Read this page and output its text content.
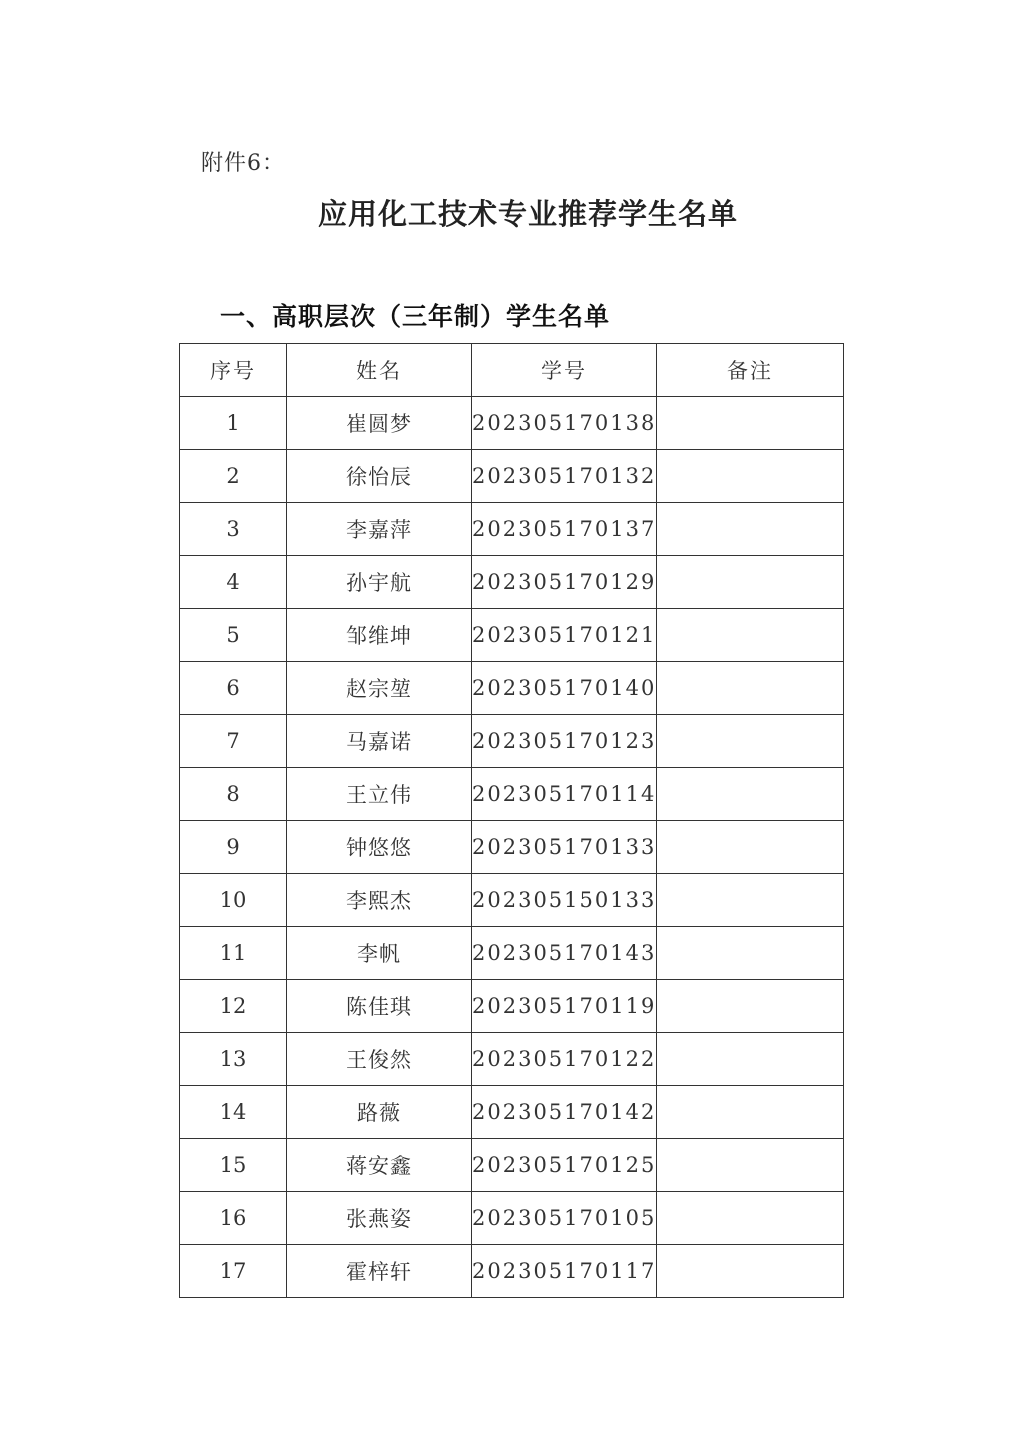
附件6：
应用化工技术专业推荐学生名单
一、高职层次（三年制）学生名单
序号	姓名	学号	备注
1	崔圆梦	202305170138	
2	徐怡辰	202305170132	
3	李嘉萍	202305170137	
4	孙宇航	202305170129	
5	邹维坤	202305170121	
6	赵宗堃	202305170140	
7	马嘉诺	202305170123	
8	王立伟	202305170114	
9	钟悠悠	202305170133	
10	李熙杰	202305150133	
11	李帆	202305170143	
12	陈佳琪	202305170119	
13	王俊然	202305170122	
14	路薇	202305170142	
15	蒋安鑫	202305170125	
16	张燕姿	202305170105	
17	霍梓轩	202305170117	
